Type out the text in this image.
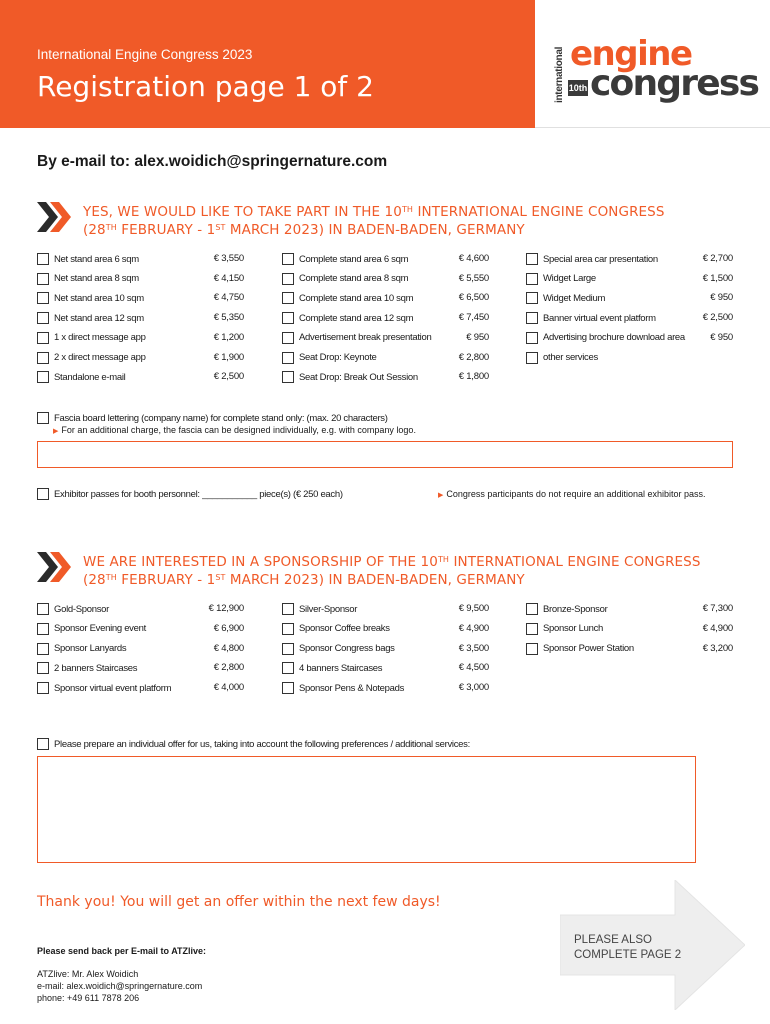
International Engine Congress 2023
Registration page 1 of 2	international engine
10th congress
By e-mail to: alex.woidich@springernature.com
YES, WE WOULD LIKE TO TAKE PART IN THE 10TH INTERNATIONAL ENGINE CONGRESS
(28TH FEBRUARY - 1ST MARCH 2023) IN BADEN-BADEN, GERMANY
Net stand area 6 sqm	€ 3,550
Net stand area 8 sqm	€ 4,150
Net stand area 10 sqm	€ 4,750
Net stand area 12 sqm	€ 5,350
1 x direct message app	€ 1,200
2 x direct message app	€ 1,900
Standalone e-mail	€ 2,500
Complete stand area 6 sqm	€ 4,600
Complete stand area 8 sqm	€ 5,550
Complete stand area 10 sqm	€ 6,500
Complete stand area 12 sqm	€ 7,450
Advertisement break presentation	€ 950
Seat Drop: Keynote	€ 2,800
Seat Drop: Break Out Session	€ 1,800
Special area car presentation	€ 2,700
Widget Large	€ 1,500
Widget Medium	€ 950
Banner virtual event platform	€ 2,500
Advertising brochure download area	€ 950
other services
Fascia board lettering (company name) for complete stand only: (max. 20 characters)
▶ For an additional charge, the fascia can be designed individually, e.g. with company logo.
Exhibitor passes for booth personnel: ___________ piece(s) (€ 250 each)	▶ Congress participants do not require an additional exhibitor pass.
WE ARE INTERESTED IN A SPONSORSHIP OF THE 10TH INTERNATIONAL ENGINE CONGRESS
(28TH FEBRUARY - 1ST MARCH 2023) IN BADEN-BADEN, GERMANY
Gold-Sponsor	€ 12,900
Sponsor Evening event	€ 6,900
Sponsor Lanyards	€ 4,800
2 banners Staircases	€ 2,800
Sponsor virtual event platform	€ 4,000
Silver-Sponsor	€ 9,500
Sponsor Coffee breaks	€ 4,900
Sponsor Congress bags	€ 3,500
4 banners Staircases	€ 4,500
Sponsor Pens & Notepads	€ 3,000
Bronze-Sponsor	€ 7,300
Sponsor Lunch	€ 4,900
Sponsor Power Station	€ 3,200
Please prepare an individual offer for us, taking into account the following preferences / additional services:
Thank you! You will get an offer within the next few days!
Please send back per E-mail to ATZlive:
ATZlive: Mr. Alex Woidich
e-mail: alex.woidich@springernature.com
phone: +49 611 7878 206
PLEASE ALSO
COMPLETE PAGE 2
